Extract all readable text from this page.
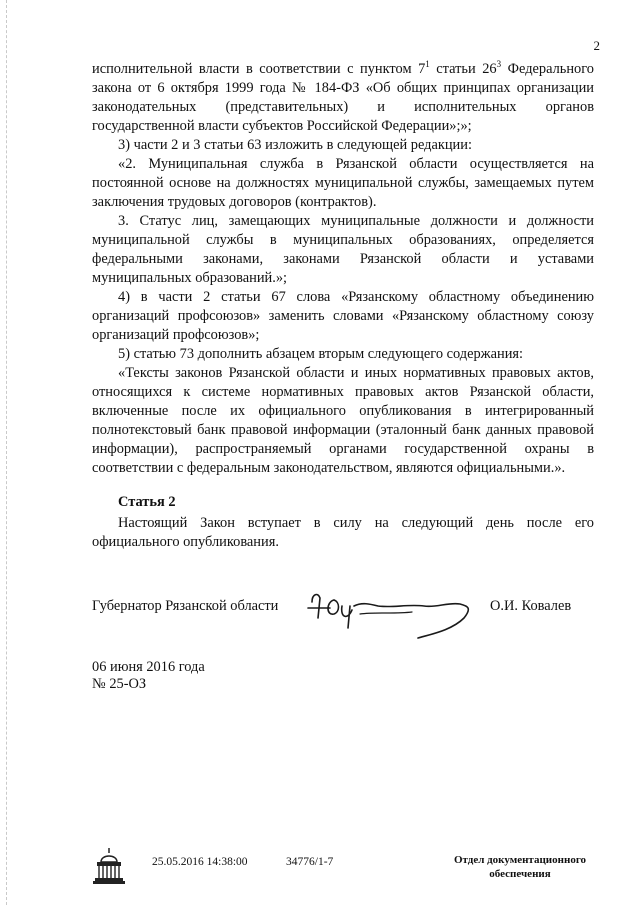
2

исполнительной власти в соответствии с пунктом $7^1$ статьи $26^3$ Федерального закона от 6 октября 1999 года № 184-ФЗ «Об общих принципах организации законодательных (представительных) и исполнительных органов государственной власти субъектов Российской Федерации»;»;

3) части 2 и 3 статьи 63 изложить в следующей редакции:

«2. Муниципальная служба в Рязанской области осуществляется на постоянной основе на должностях муниципальной службы, замещаемых путем заключения трудовых договоров (контрактов).

3. Статус лиц, замещающих муниципальные должности и должности муниципальной службы в муниципальных образованиях, определяется федеральными законами, законами Рязанской области и уставами муниципальных образований.»;

4) в части 2 статьи 67 слова «Рязанскому областному объединению организаций профсоюзов» заменить словами «Рязанскому областному союзу организаций профсоюзов»;

5) статью 73 дополнить абзацем вторым следующего содержания:

«Тексты законов Рязанской области и иных нормативных правовых актов, относящихся к системе нормативных правовых актов Рязанской области, включенные после их официального опубликования в интегрированный полнотекстовый банк правовой информации (эталонный банк данных правовой информации), распространяемый органами государственной охраны в соответствии с федеральным законодательством, являются официальными.».

Статья 2

Настоящий Закон вступает в силу на следующий день после его официального опубликования.

Губернатор Рязанской области	О.И. Ковалев
06 июня 2016 года
№ 25-ОЗ
25.05.2016 14:38:00	34776/1-7	Отдел документационного
обеспечения
